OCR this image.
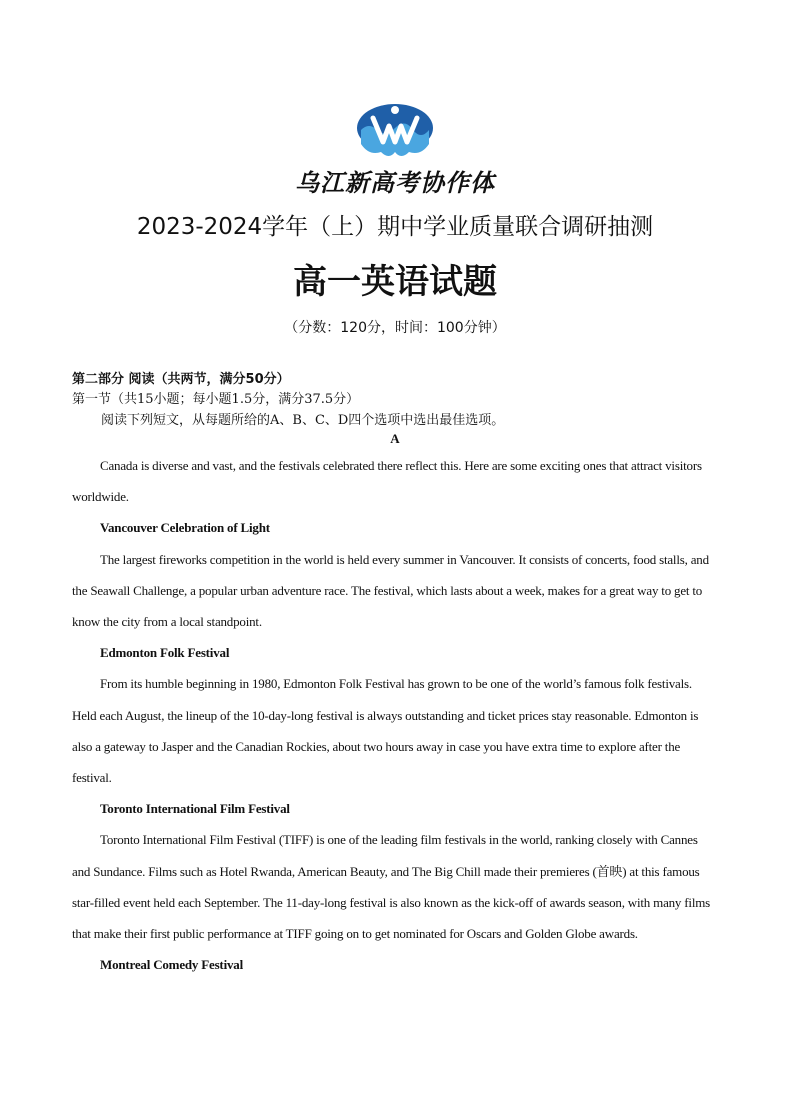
乌江新高考协作体
2023-2024学年（上）期中学业质量联合调研抽测
高一英语试题
（分数：120分，时间：100分钟）
第二部分 阅读（共两节，满分50分）
第一节（共15小题；每小题1.5分，满分37.5分）
阅读下列短文，从每题所给的A、B、C、D四个选项中选出最佳选项。
A

Canada is diverse and vast, and the festivals celebrated there reflect this. Here are some exciting ones that attract visitors worldwide.

Vancouver Celebration of Light

The largest fireworks competition in the world is held every summer in Vancouver. It consists of concerts, food stalls, and the Seawall Challenge, a popular urban adventure race. The festival, which lasts about a week, makes for a great way to get to know the city from a local standpoint.

Edmonton Folk Festival

From its humble beginning in 1980, Edmonton Folk Festival has grown to be one of the world’s famous folk festivals. Held each August, the lineup of the 10-day-long festival is always outstanding and ticket prices stay reasonable. Edmonton is also a gateway to Jasper and the Canadian Rockies, about two hours away in case you have extra time to explore after the festival.

Toronto International Film Festival

Toronto International Film Festival (TIFF) is one of the leading film festivals in the world, ranking closely with Cannes and Sundance. Films such as Hotel Rwanda, American Beauty, and The Big Chill made their premieres (首映) at this famous star-filled event held each September. The 11-day-long festival is also known as the kick-off of awards season, with many films that make their first public performance at TIFF going on to get nominated for Oscars and Golden Globe awards.

Montreal Comedy Festival
